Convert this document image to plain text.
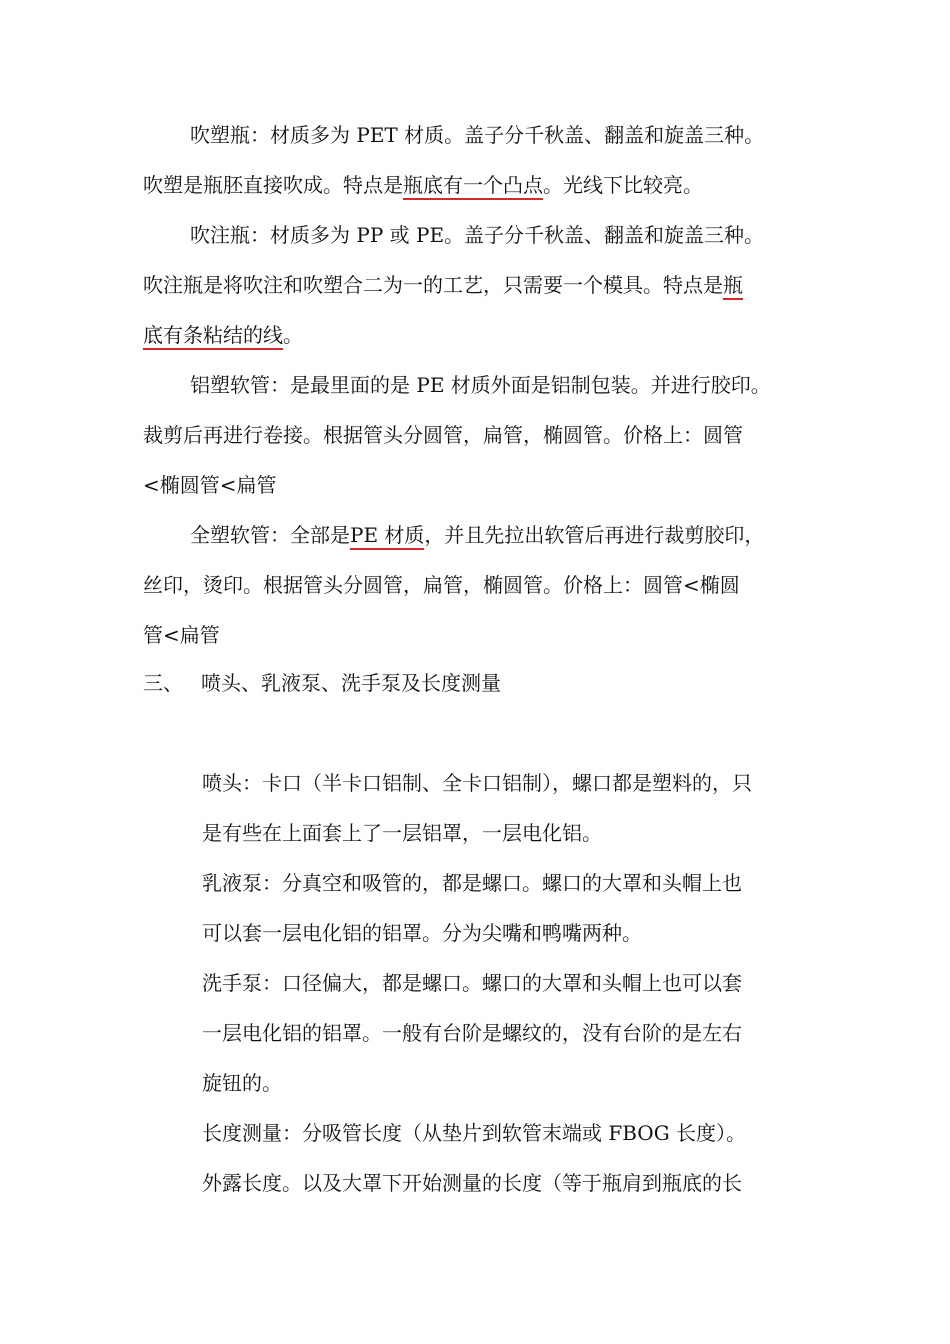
吹塑瓶：材质多为 PET 材质。盖子分千秋盖、翻盖和旋盖三种。
吹塑是瓶胚直接吹成。特点是瓶底有一个凸点。光线下比较亮。
吹注瓶：材质多为 PP 或 PE。盖子分千秋盖、翻盖和旋盖三种。
吹注瓶是将吹注和吹塑合二为一的工艺，只需要一个模具。特点是瓶
底有条粘结的线。
铝塑软管：是最里面的是 PE 材质外面是铝制包装。并进行胶印。
裁剪后再进行卷接。根据管头分圆管，扁管，椭圆管。价格上：圆管
<椭圆管<扁管
全塑软管：全部是PE 材质，并且先拉出软管后再进行裁剪胶印，
丝印，烫印。根据管头分圆管，扁管，椭圆管。价格上：圆管<椭圆
管<扁管
三、 喷头、乳液泵、洗手泵及长度测量
喷头：卡口（半卡口铝制、全卡口铝制），螺口都是塑料的，只
是有些在上面套上了一层铝罩，一层电化铝。
乳液泵：分真空和吸管的，都是螺口。螺口的大罩和头帽上也
可以套一层电化铝的铝罩。分为尖嘴和鸭嘴两种。
洗手泵：口径偏大，都是螺口。螺口的大罩和头帽上也可以套
一层电化铝的铝罩。一般有台阶是螺纹的，没有台阶的是左右
旋钮的。
长度测量：分吸管长度（从垫片到软管末端或 FBOG 长度）。
外露长度。以及大罩下开始测量的长度（等于瓶肩到瓶底的长
